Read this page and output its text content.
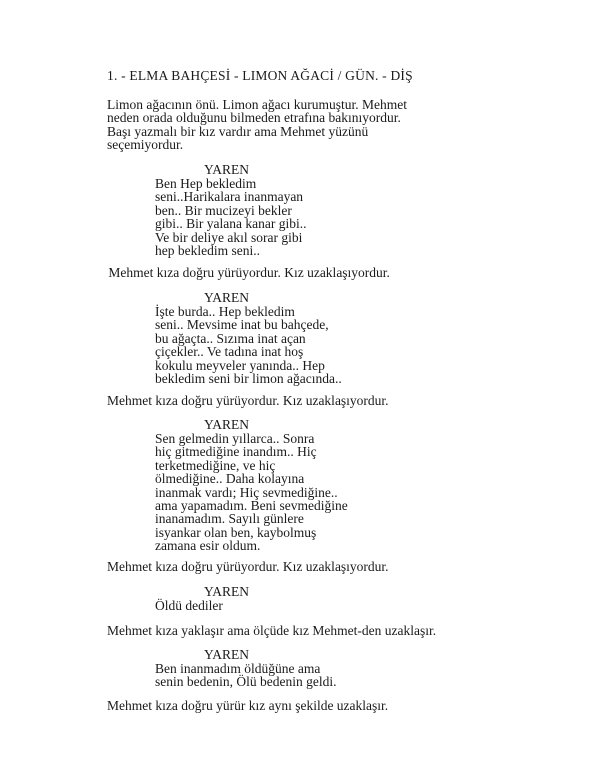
1. - ELMA BAHÇESİ - LIMON AĞACİ / GÜN. - DİŞ
Limon ağacının önü. Limon ağacı kurumuştur. Mehmet
neden orada olduğunu bilmeden etrafına bakınıyordur.
Başı yazmalı bir kız vardır ama Mehmet yüzünü
seçemiyordur.
YAREN
Ben Hep bekledim
seni..Harikalara inanmayan
ben.. Bir mucizeyi bekler
gibi.. Bir yalana kanar gibi..
Ve bir deliye akıl sorar gibi
hep bekledim seni..
Mehmet kıza doğru yürüyordur. Kız uzaklaşıyordur.
YAREN
İşte burda.. Hep bekledim
seni.. Mevsime inat bu bahçede,
bu ağaçta.. Sızıma inat açan
çiçekler.. Ve tadına inat hoş
kokulu meyveler yanında.. Hep
bekledim seni bir limon ağacında..
Mehmet kıza doğru yürüyordur. Kız uzaklaşıyordur.
YAREN
Sen gelmedin yıllarca.. Sonra
hiç gitmediğine inandım.. Hiç
terketmediğine, ve hiç
ölmediğine.. Daha kolayına
inanmak vardı; Hiç sevmediğine..
ama yapamadım. Beni sevmediğine
inanamadım. Sayılı günlere
isyankar olan ben, kaybolmuş
zamana esir oldum.
Mehmet kıza doğru yürüyordur. Kız uzaklaşıyordur.
YAREN
Öldü dediler
Mehmet kıza yaklaşır ama ölçüde kız Mehmet-den uzaklaşır.
YAREN
Ben inanmadım öldüğüne ama
senin bedenin, Ölü bedenin geldi.
Mehmet kıza doğru yürür kız aynı şekilde uzaklaşır.
